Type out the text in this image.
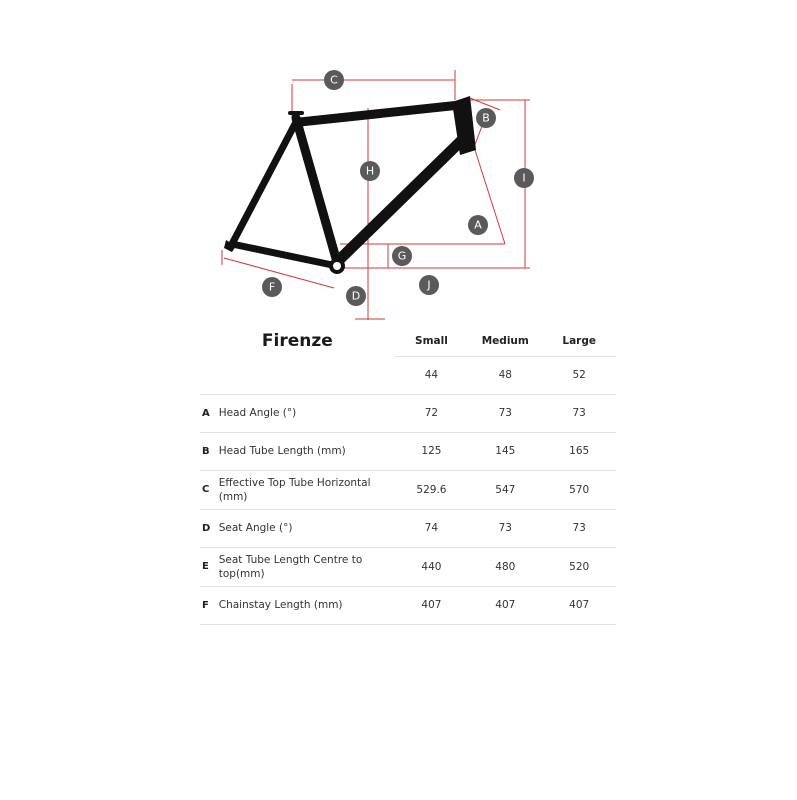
C
B
H
I
A
G
J
D
F
Firenze		Small	Medium	Large
		44	48	52
A	Head Angle (°)	72	73	73
B	Head Tube Length (mm)	125	145	165
C	Effective Top Tube Horizontal (mm)	529.6	547	570
D	Seat Angle (°)	74	73	73
E	Seat Tube Length Centre to top(mm)	440	480	520
F	Chainstay Length (mm)	407	407	407
